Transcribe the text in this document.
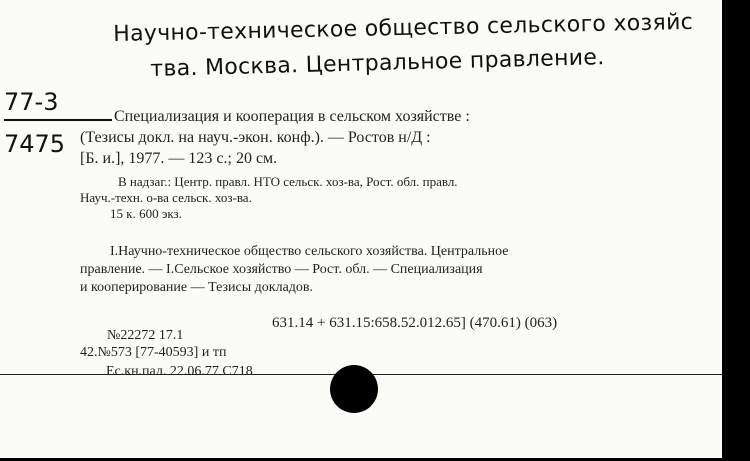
Научно-техническое общество сельского хозяйс
тва. Москва. Центральное правление.
77-3
7475
Специализация и кооперация в сельском хозяйстве :
(Тезисы докл. на науч.-экон. конф.). — Ростов н/Д :
[Б. и.], 1977. — 123 с.; 20 см.
В надзаг.: Центр. правл. НТО сельск. хоз-ва, Рост. обл. правл.
Науч.-техн. о-ва сельск. хоз-ва.
15 к. 600 экз.
I.Научно-техническое общество сельского хозяйства. Центральное
правление. — I.Сельское хозяйство — Рост. обл. — Специализация
и кооперирование — Тезисы докладов.
631.14 + 631.15:658.52.012.65] (470.61) (063)
№22272 17.1
42.№573 [77-40593] и тп
Ес.кн.пал. 22.06.77 С718
